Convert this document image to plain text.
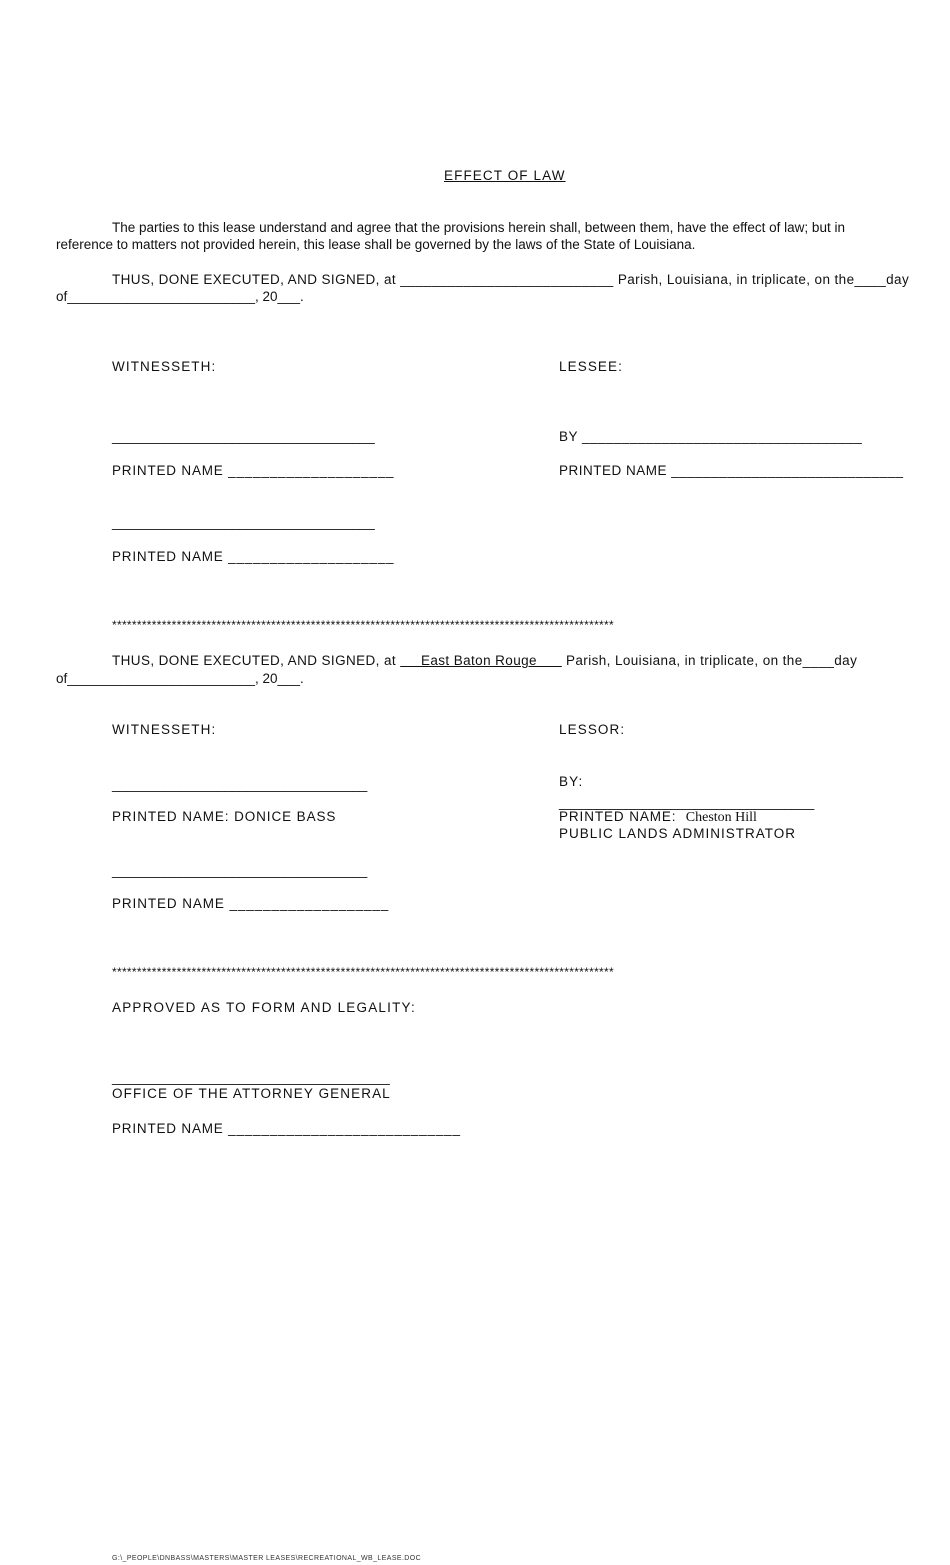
EFFECT OF LAW
The parties to this lease understand and agree that the provisions herein shall, between them, have the effect of law; but in
reference to matters not provided herein, this lease shall be governed by the laws of the State of Louisiana.
THUS, DONE EXECUTED, AND SIGNED, at ___________________________ Parish, Louisiana, in triplicate, on the____day
of_________________________, 20___.
WITNESSETH:	LESSEE:
___________________________________	BY ___________________________________
PRINTED NAME ____________________	PRINTED NAME _____________________________
___________________________________
PRINTED NAME ____________________
*****************************************************************************************************
THUS, DONE EXECUTED, AND SIGNED, at      East Baton Rouge       Parish, Louisiana, in triplicate, on the____day
of_________________________, 20___.
WITNESSETH:	LESSOR:
BY:
__________________________________
__________________________________
PRINTED NAME: DONICE BASS	PRINTED NAME:  Cheston Hill
PUBLIC LANDS ADMINISTRATOR
__________________________________
PRINTED NAME ___________________
*****************************************************************************************************
APPROVED AS TO FORM AND LEGALITY:
_____________________________________
OFFICE OF THE ATTORNEY GENERAL
PRINTED NAME ____________________________
G:\_PEOPLE\DNBASS\MASTERS\MASTER LEASES\RECREATIONAL_WB_LEASE.DOC
